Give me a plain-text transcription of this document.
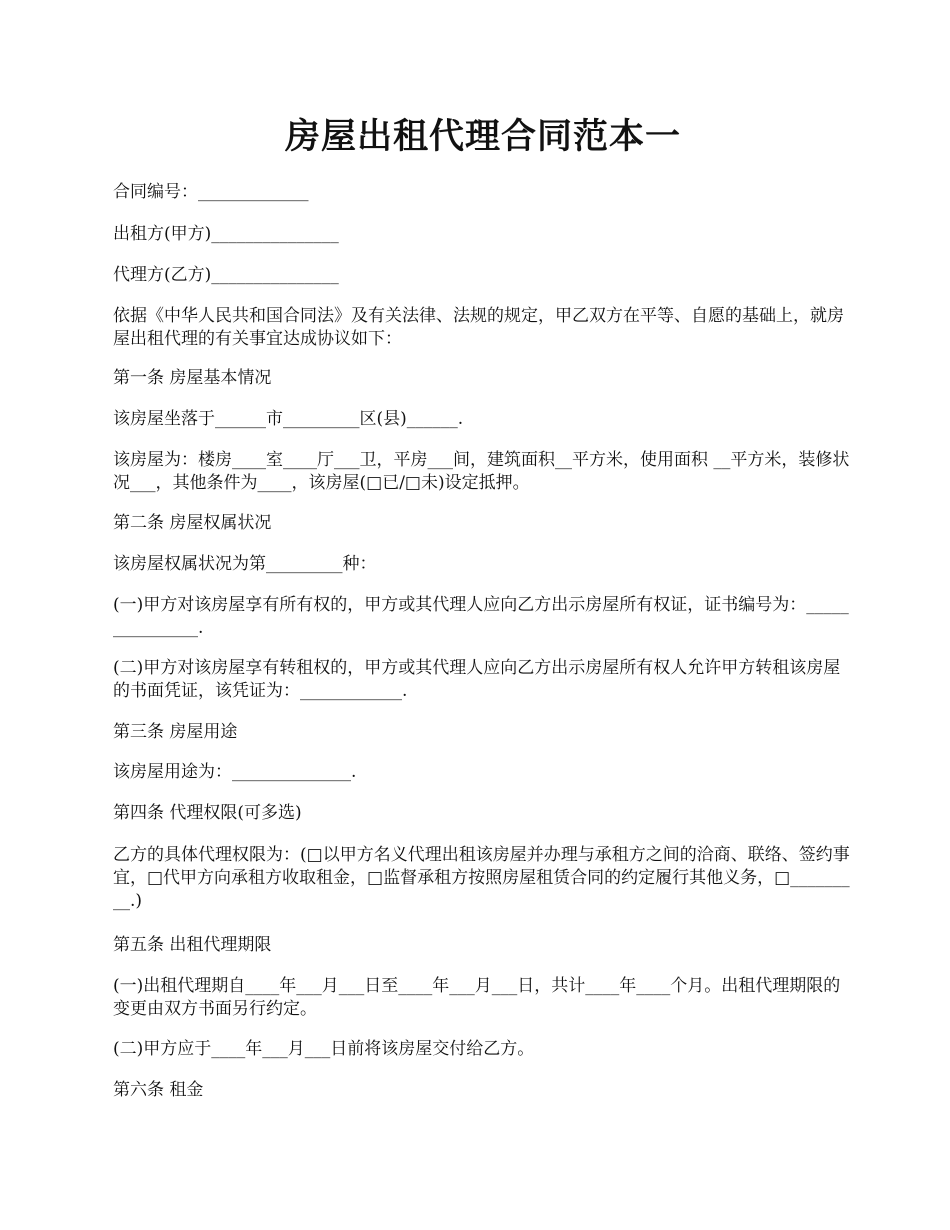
房屋出租代理合同范本一

合同编号：_____________

出租方(甲方)_______________

代理方(乙方)_______________

依据《中华人民共和国合同法》及有关法律、法规的规定，甲乙双方在平等、自愿的基础上，就房屋出租代理的有关事宜达成协议如下：

第一条 房屋基本情况

该房屋坐落于______市_________区(县)______.

该房屋为：楼房____室____厅___卫，平房___间，建筑面积__平方米，使用面积 __平方米，装修状况___，其他条件为____，该房屋(□已/□未)设定抵押。

第二条 房屋权属状况

该房屋权属状况为第_________种：

(一)甲方对该房屋享有所有权的，甲方或其代理人应向乙方出示房屋所有权证，证书编号为：_______________.

(二)甲方对该房屋享有转租权的，甲方或其代理人应向乙方出示房屋所有权人允许甲方转租该房屋的书面凭证，该凭证为：____________.

第三条 房屋用途

该房屋用途为：______________.

第四条 代理权限(可多选)

乙方的具体代理权限为：(□以甲方名义代理出租该房屋并办理与承租方之间的洽商、联络、签约事宜，□代甲方向承租方收取租金，□监督承租方按照房屋租赁合同的约定履行其他义务，□_________.)

第五条 出租代理期限

(一)出租代理期自____年___月___日至____年___月___日，共计____年____个月。出租代理期限的变更由双方书面另行约定。

(二)甲方应于____年___月___日前将该房屋交付给乙方。

第六条 租金
